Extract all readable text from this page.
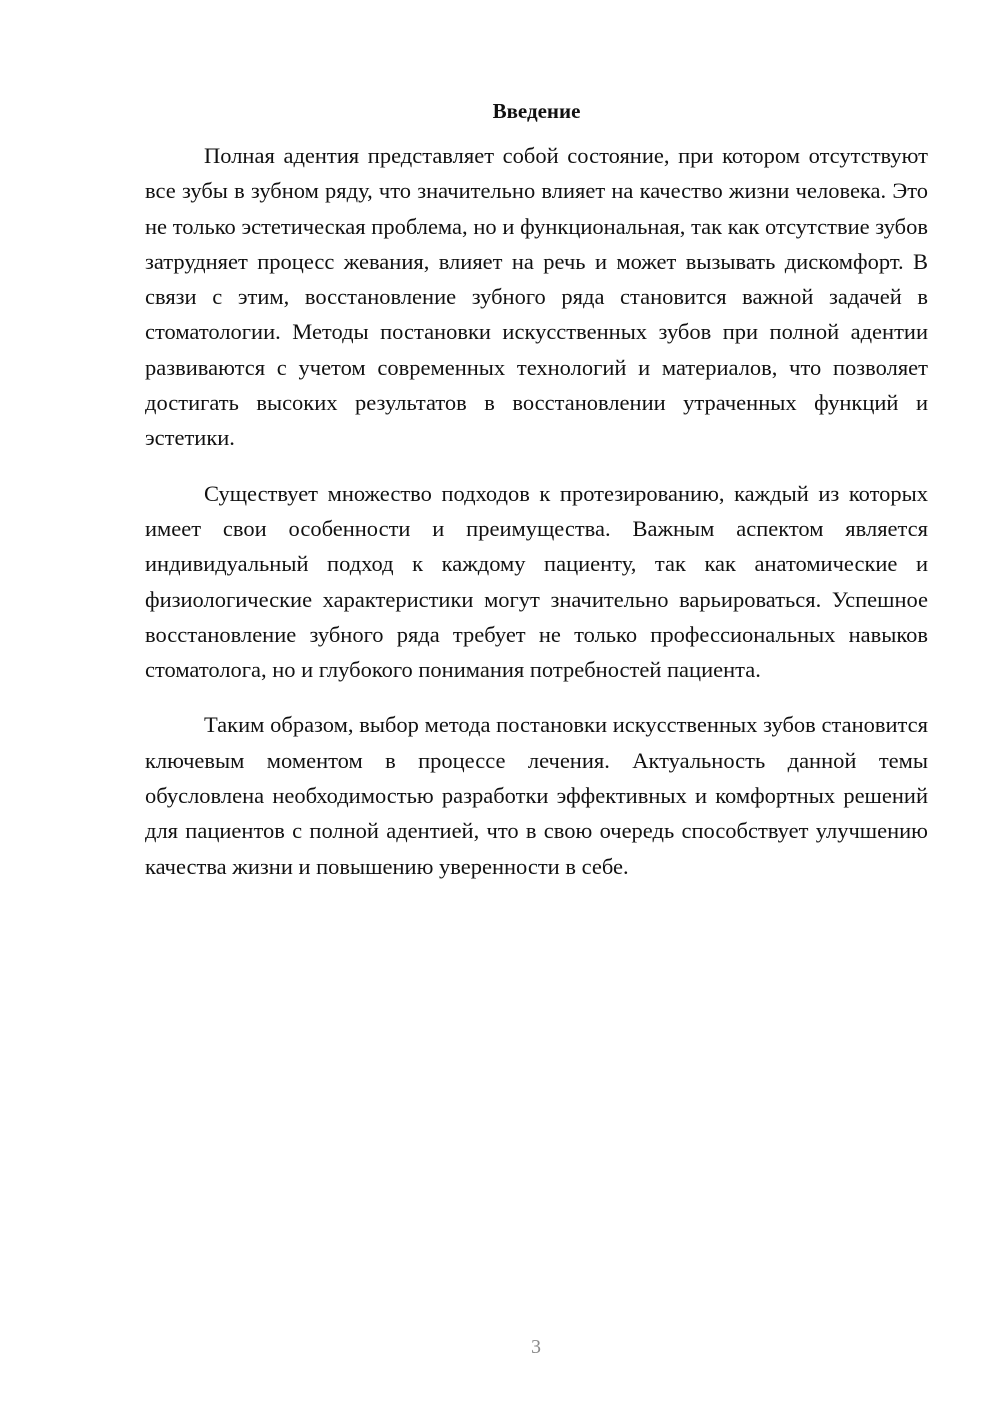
Введение

Полная адентия представляет собой состояние, при котором отсутствуют все зубы в зубном ряду, что значительно влияет на качество жизни человека. Это не только эстетическая проблема, но и функциональная, так как отсутствие зубов затрудняет процесс жевания, влияет на речь и может вызывать дискомфорт. В связи с этим, восстановление зубного ряда становится важной задачей в стоматологии. Методы постановки искусственных зубов при полной адентии развиваются с учетом современных технологий и материалов, что позволяет достигать высоких результатов в восстановлении утраченных функций и эстетики.

Существует множество подходов к протезированию, каждый из которых имеет свои особенности и преимущества. Важным аспектом является индивидуальный подход к каждому пациенту, так как анатомические и физиологические характеристики могут значительно варьироваться. Успешное восстановление зубного ряда требует не только профессиональных навыков стоматолога, но и глубокого понимания потребностей пациента.

Таким образом, выбор метода постановки искусственных зубов становится ключевым моментом в процессе лечения. Актуальность данной темы обусловлена необходимостью разработки эффективных и комфортных решений для пациентов с полной адентией, что в свою очередь способствует улучшению качества жизни и повышению уверенности в себе.

3
